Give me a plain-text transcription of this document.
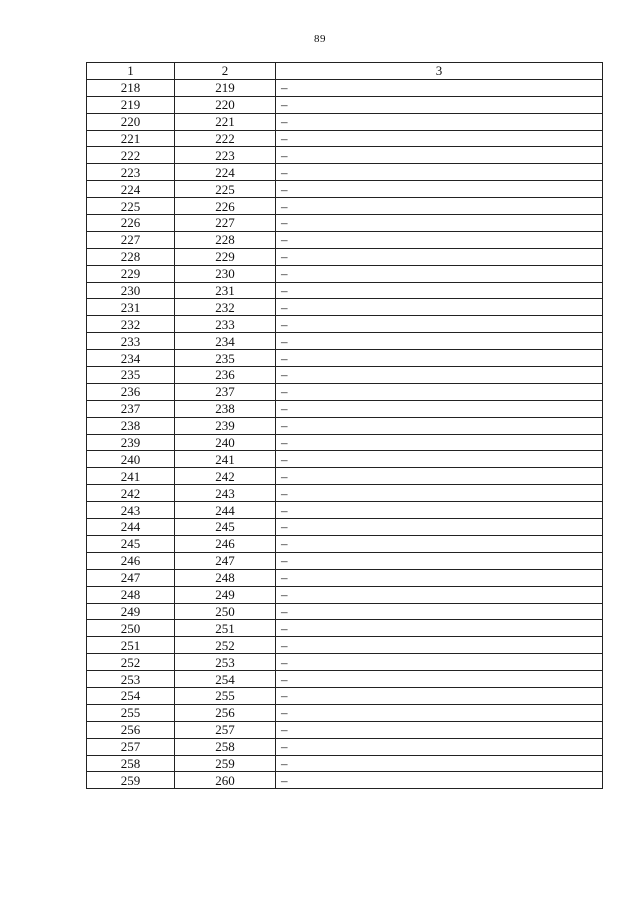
89
1	2	3
218	219	–
219	220	–
220	221	–
221	222	–
222	223	–
223	224	–
224	225	–
225	226	–
226	227	–
227	228	–
228	229	–
229	230	–
230	231	–
231	232	–
232	233	–
233	234	–
234	235	–
235	236	–
236	237	–
237	238	–
238	239	–
239	240	–
240	241	–
241	242	–
242	243	–
243	244	–
244	245	–
245	246	–
246	247	–
247	248	–
248	249	–
249	250	–
250	251	–
251	252	–
252	253	–
253	254	–
254	255	–
255	256	–
256	257	–
257	258	–
258	259	–
259	260	–
